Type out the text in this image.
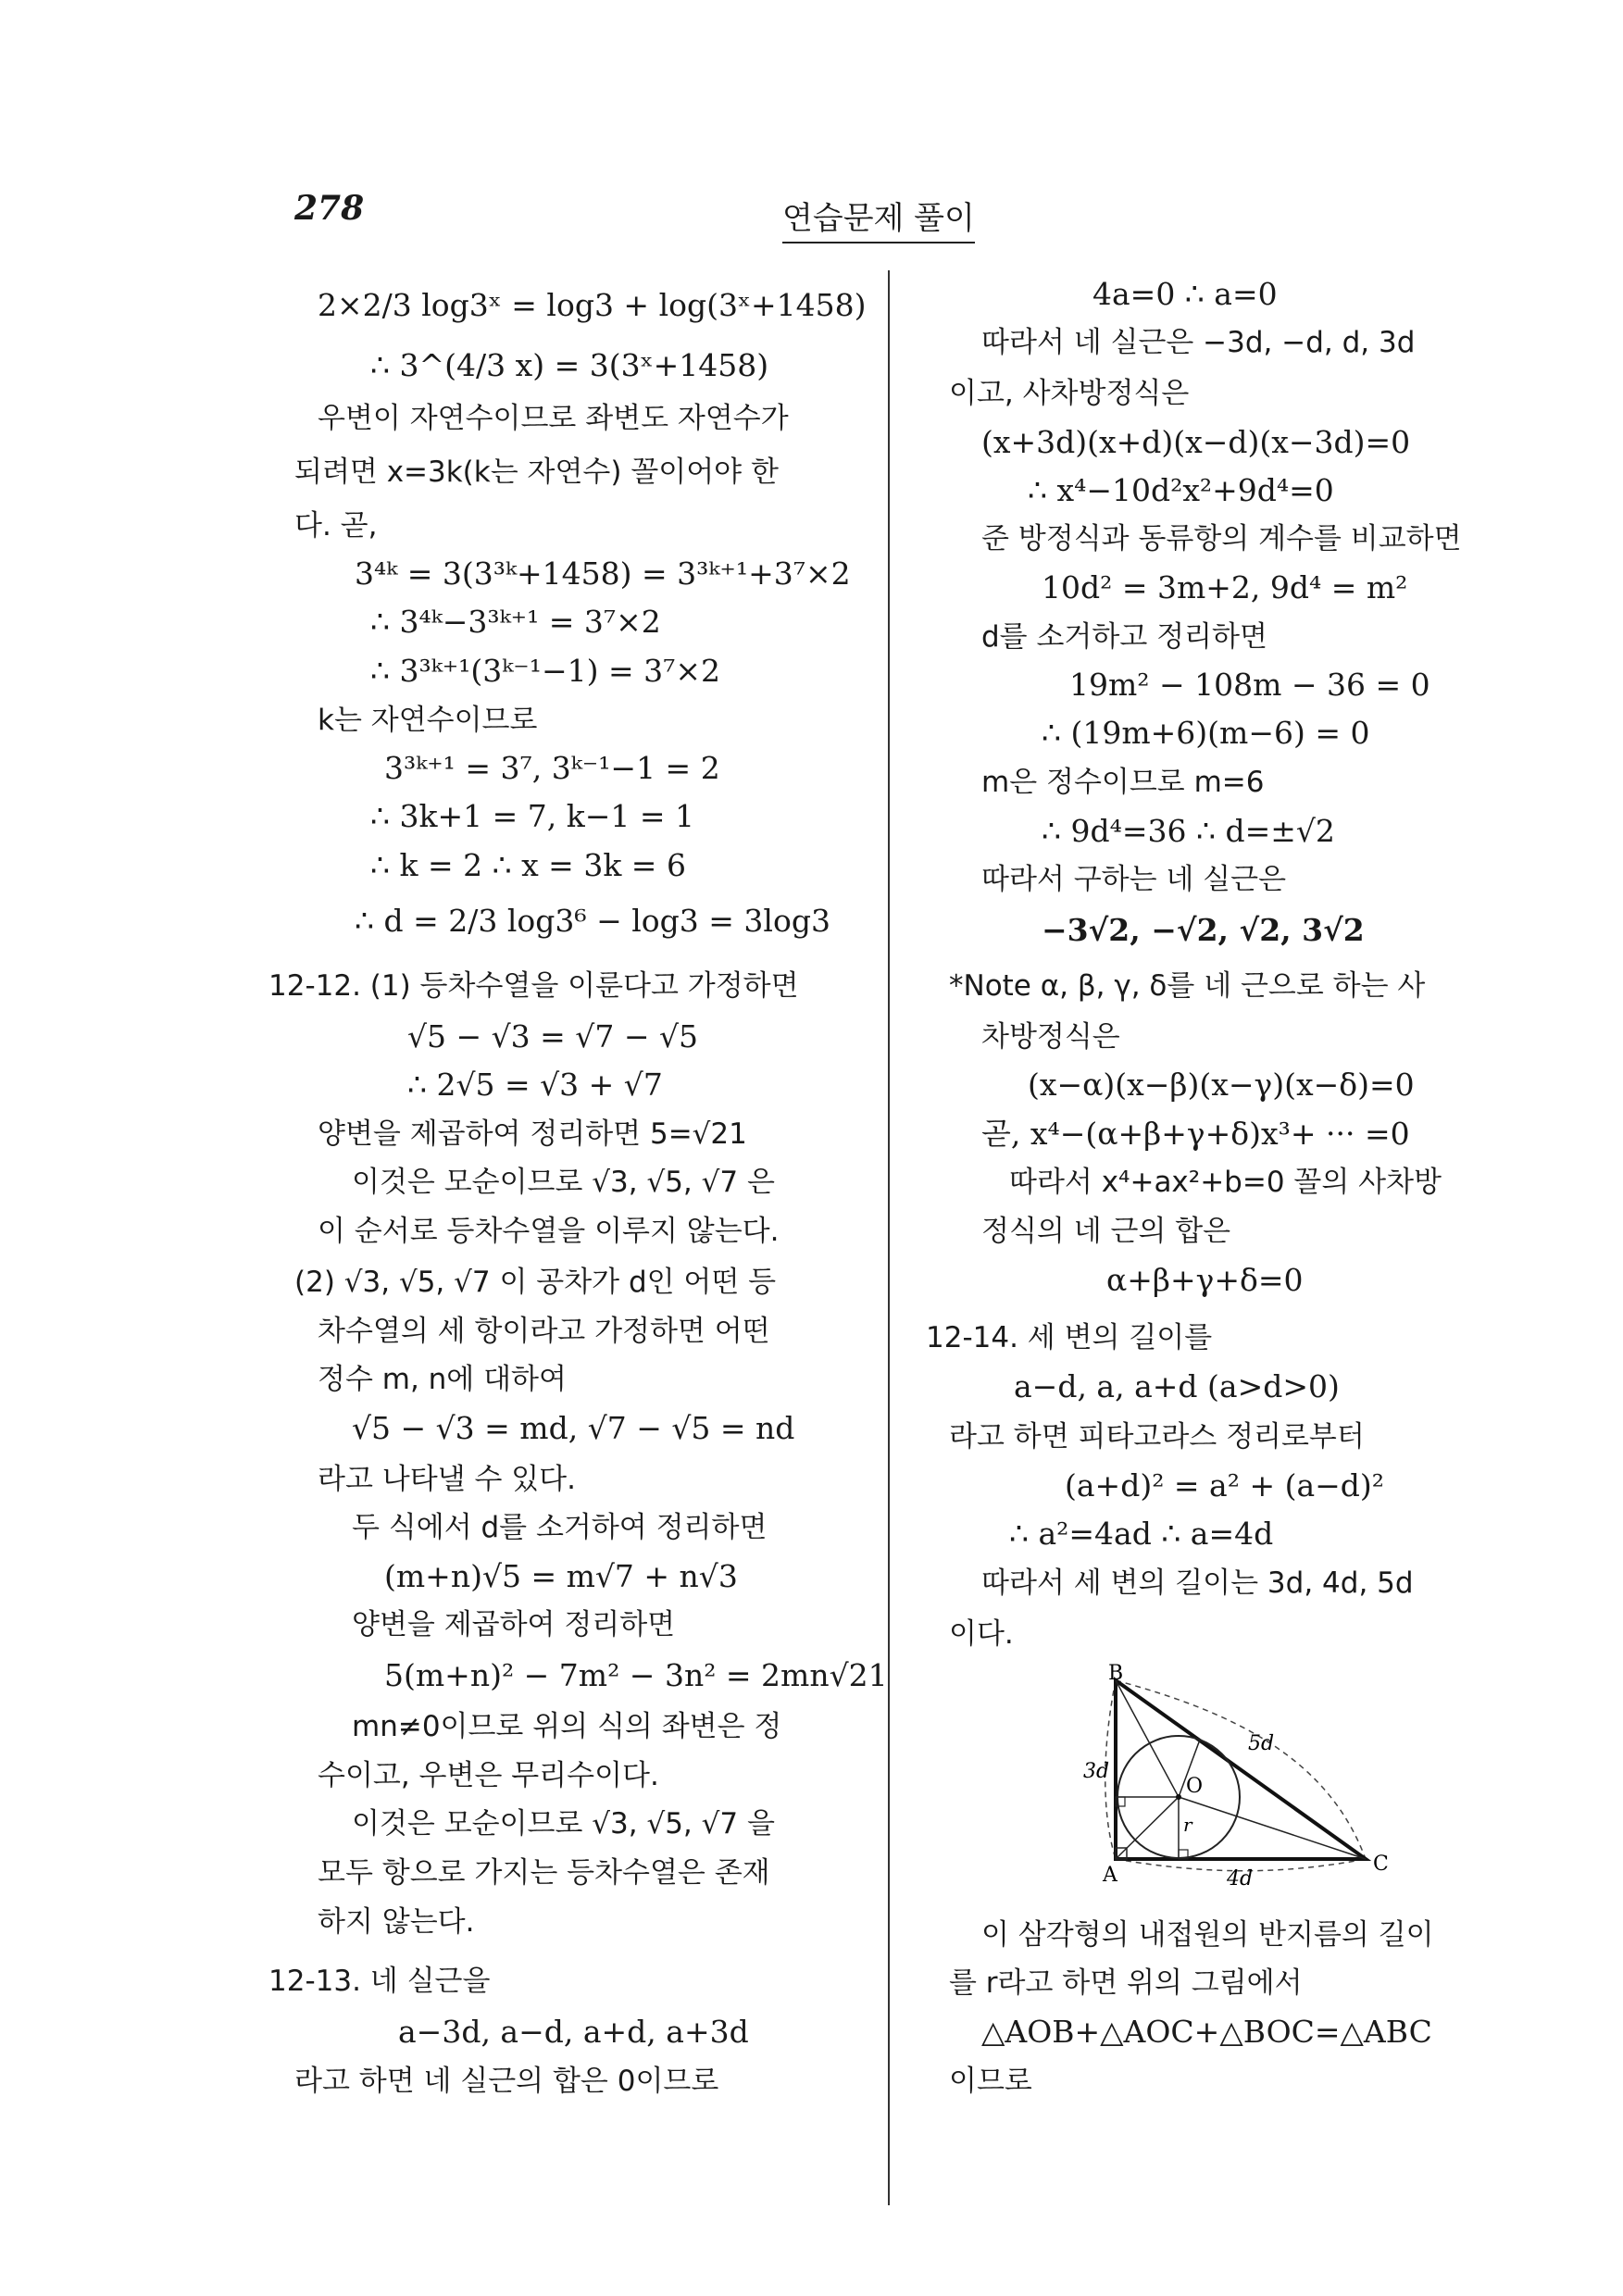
278	연습문제 풀이
2×2/3 log3ˣ = log3 + log(3ˣ+1458)
∴ 3^(4/3 x) = 3(3ˣ+1458)
우변이 자연수이므로 좌변도 자연수가
되려면 x=3k(k는 자연수) 꼴이어야 한
다. 곧,
3⁴ᵏ = 3(3³ᵏ+1458) = 3³ᵏ⁺¹+3⁷×2
∴ 3⁴ᵏ−3³ᵏ⁺¹ = 3⁷×2
∴ 3³ᵏ⁺¹(3ᵏ⁻¹−1) = 3⁷×2
k는 자연수이므로
3³ᵏ⁺¹ = 3⁷, 3ᵏ⁻¹−1 = 2
∴ 3k+1 = 7, k−1 = 1
∴ k = 2 ∴ x = 3k = 6
∴ d = 2/3 log3⁶ − log3 = 3log3
12-12. (1) 등차수열을 이룬다고 가정하면
√5 − √3 = √7 − √5
∴ 2√5 = √3 + √7
양변을 제곱하여 정리하면 5=√21
이것은 모순이므로 √3, √5, √7 은
이 순서로 등차수열을 이루지 않는다.
(2) √3, √5, √7 이 공차가 d인 어떤 등
차수열의 세 항이라고 가정하면 어떤
정수 m, n에 대하여
√5 − √3 = md, √7 − √5 = nd
라고 나타낼 수 있다.
두 식에서 d를 소거하여 정리하면
(m+n)√5 = m√7 + n√3
양변을 제곱하여 정리하면
5(m+n)² − 7m² − 3n² = 2mn√21
mn≠0이므로 위의 식의 좌변은 정
수이고, 우변은 무리수이다.
이것은 모순이므로 √3, √5, √7 을
모두 항으로 가지는 등차수열은 존재
하지 않는다.
12-13. 네 실근을
a−3d, a−d, a+d, a+3d
라고 하면 네 실근의 합은 0이므로
4a=0 ∴ a=0
따라서 네 실근은 −3d, −d, d, 3d
이고, 사차방정식은
(x+3d)(x+d)(x−d)(x−3d)=0
∴ x⁴−10d²x²+9d⁴=0
준 방정식과 동류항의 계수를 비교하면
10d² = 3m+2, 9d⁴ = m²
d를 소거하고 정리하면
19m² − 108m − 36 = 0
∴ (19m+6)(m−6) = 0
m은 정수이므로 m=6
∴ 9d⁴=36 ∴ d=±√2
따라서 구하는 네 실근은
−3√2, −√2, √2, 3√2
*Note α, β, γ, δ를 네 근으로 하는 사
차방정식은
(x−α)(x−β)(x−γ)(x−δ)=0
곧, x⁴−(α+β+γ+δ)x³+ ··· =0
따라서 x⁴+ax²+b=0 꼴의 사차방
정식의 네 근의 합은
α+β+γ+δ=0
12-14. 세 변의 길이를
a−d, a, a+d (a>d>0)
라고 하면 피타고라스 정리로부터
(a+d)² = a² + (a−d)²
∴ a²=4ad ∴ a=4d
따라서 세 변의 길이는 3d, 4d, 5d
이다.
B
A	C
O
r
3d
4d
5d
이 삼각형의 내접원의 반지름의 길이
를 r라고 하면 위의 그림에서
△AOB+△AOC+△BOC=△ABC
이므로
